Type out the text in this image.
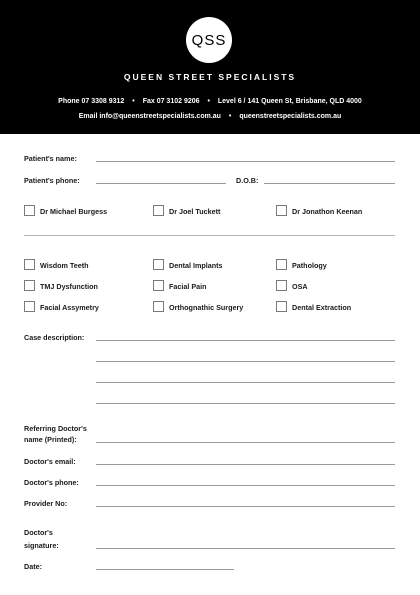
QSS
QUEEN STREET SPECIALISTS
Phone 07 3308 9312 • Fax 07 3102 9206 • Level 6 / 141 Queen St, Brisbane, QLD 4000
Email info@queenstreetspecialists.com.au • queenstreetspecialists.com.au
Patient's name:
Patient's phone:	D.O.B:
Dr Michael Burgess	Dr Joel Tuckett	Dr Jonathon Keenan
Wisdom Teeth	Dental Implants	Pathology
TMJ Dysfunction	Facial Pain	OSA
Facial Assymetry	Orthognathic Surgery	Dental Extraction
Case description:
Referring Doctor's
name (Printed):
Doctor's email:
Doctor's phone:
Provider No:
Doctor's
signature:
Date:
